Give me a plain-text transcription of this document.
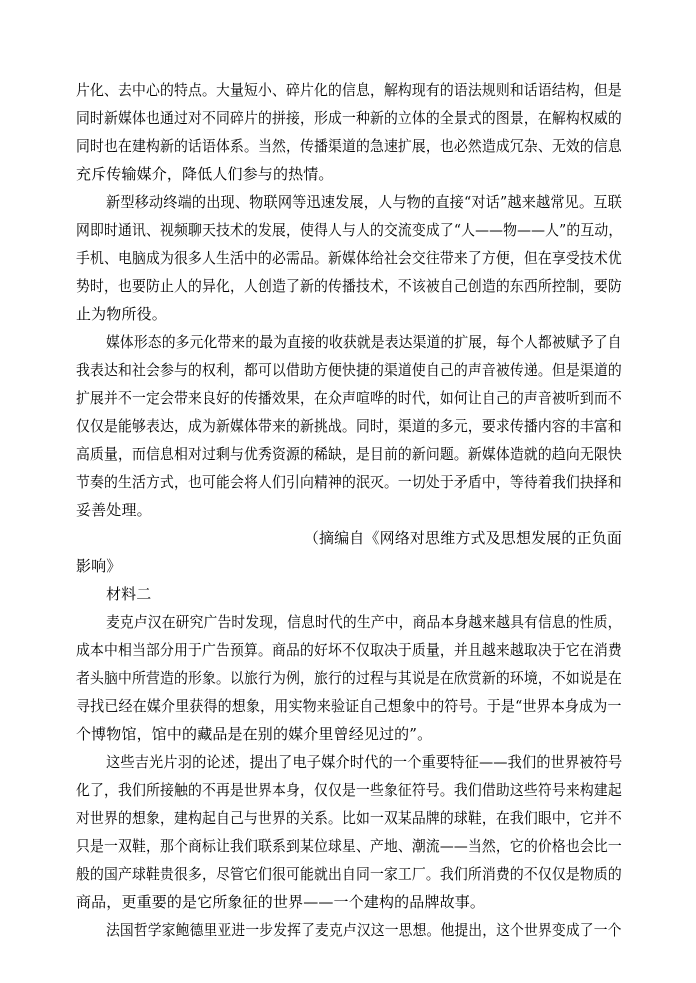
片化、去中心的特点。大量短小、碎片化的信息，解构现有的语法规则和话语结构，但是
同时新媒体也通过对不同碎片的拼接，形成一种新的立体的全景式的图景，在解构权威的
同时也在建构新的话语体系。当然，传播渠道的急速扩展，也必然造成冗杂、无效的信息
充斥传输媒介，降低人们参与的热情。
新型移动终端的出现、物联网等迅速发展，人与物的直接“对话”越来越常见。互联
网即时通讯、视频聊天技术的发展，使得人与人的交流变成了“人——物——人”的互动，
手机、电脑成为很多人生活中的必需品。新媒体给社会交往带来了方便，但在享受技术优
势时，也要防止人的异化，人创造了新的传播技术，不该被自己创造的东西所控制，要防
止为物所役。
媒体形态的多元化带来的最为直接的收获就是表达渠道的扩展，每个人都被赋予了自
我表达和社会参与的权利，都可以借助方便快捷的渠道使自己的声音被传递。但是渠道的
扩展并不一定会带来良好的传播效果，在众声喧哗的时代，如何让自己的声音被听到而不
仅仅是能够表达，成为新媒体带来的新挑战。同时，渠道的多元，要求传播内容的丰富和
高质量，而信息相对过剩与优秀资源的稀缺，是目前的新问题。新媒体造就的趋向无限快
节奏的生活方式，也可能会将人们引向精神的泯灭。一切处于矛盾中，等待着我们抉择和
妥善处理。
（摘编自《网络对思维方式及思想发展的正负面
影响》
材料二
麦克卢汉在研究广告时发现，信息时代的生产中，商品本身越来越具有信息的性质，
成本中相当部分用于广告预算。商品的好坏不仅取决于质量，并且越来越取决于它在消费
者头脑中所营造的形象。以旅行为例，旅行的过程与其说是在欣赏新的环境，不如说是在
寻找已经在媒介里获得的想象，用实物来验证自己想象中的符号。于是“世界本身成为一
个博物馆，馆中的藏品是在别的媒介里曾经见过的”。
这些吉光片羽的论述，提出了电子媒介时代的一个重要特征——我们的世界被符号
化了，我们所接触的不再是世界本身，仅仅是一些象征符号。我们借助这些符号来构建起
对世界的想象，建构起自己与世界的关系。比如一双某品牌的球鞋，在我们眼中，它并不
只是一双鞋，那个商标让我们联系到某位球星、产地、潮流——当然，它的价格也会比一
般的国产球鞋贵很多，尽管它们很可能就出自同一家工厂。我们所消费的不仅仅是物质的
商品，更重要的是它所象征的世界——一个建构的品牌故事。
法国哲学家鲍德里亚进一步发挥了麦克卢汉这一思想。他提出，这个世界变成了一个
